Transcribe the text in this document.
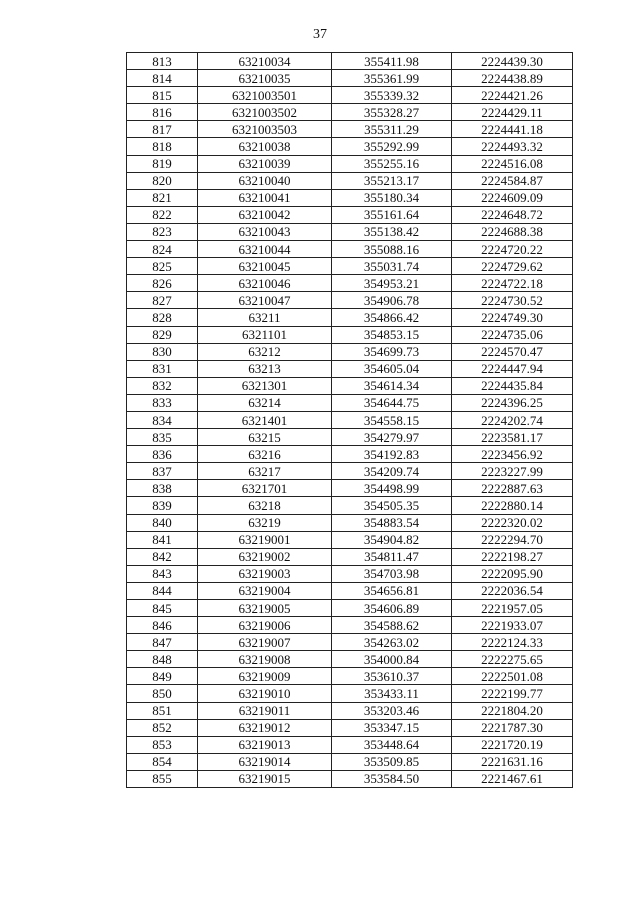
37
813	63210034	355411.98	2224439.30
814	63210035	355361.99	2224438.89
815	6321003501	355339.32	2224421.26
816	6321003502	355328.27	2224429.11
817	6321003503	355311.29	2224441.18
818	63210038	355292.99	2224493.32
819	63210039	355255.16	2224516.08
820	63210040	355213.17	2224584.87
821	63210041	355180.34	2224609.09
822	63210042	355161.64	2224648.72
823	63210043	355138.42	2224688.38
824	63210044	355088.16	2224720.22
825	63210045	355031.74	2224729.62
826	63210046	354953.21	2224722.18
827	63210047	354906.78	2224730.52
828	63211	354866.42	2224749.30
829	6321101	354853.15	2224735.06
830	63212	354699.73	2224570.47
831	63213	354605.04	2224447.94
832	6321301	354614.34	2224435.84
833	63214	354644.75	2224396.25
834	6321401	354558.15	2224202.74
835	63215	354279.97	2223581.17
836	63216	354192.83	2223456.92
837	63217	354209.74	2223227.99
838	6321701	354498.99	2222887.63
839	63218	354505.35	2222880.14
840	63219	354883.54	2222320.02
841	63219001	354904.82	2222294.70
842	63219002	354811.47	2222198.27
843	63219003	354703.98	2222095.90
844	63219004	354656.81	2222036.54
845	63219005	354606.89	2221957.05
846	63219006	354588.62	2221933.07
847	63219007	354263.02	2222124.33
848	63219008	354000.84	2222275.65
849	63219009	353610.37	2222501.08
850	63219010	353433.11	2222199.77
851	63219011	353203.46	2221804.20
852	63219012	353347.15	2221787.30
853	63219013	353448.64	2221720.19
854	63219014	353509.85	2221631.16
855	63219015	353584.50	2221467.61
